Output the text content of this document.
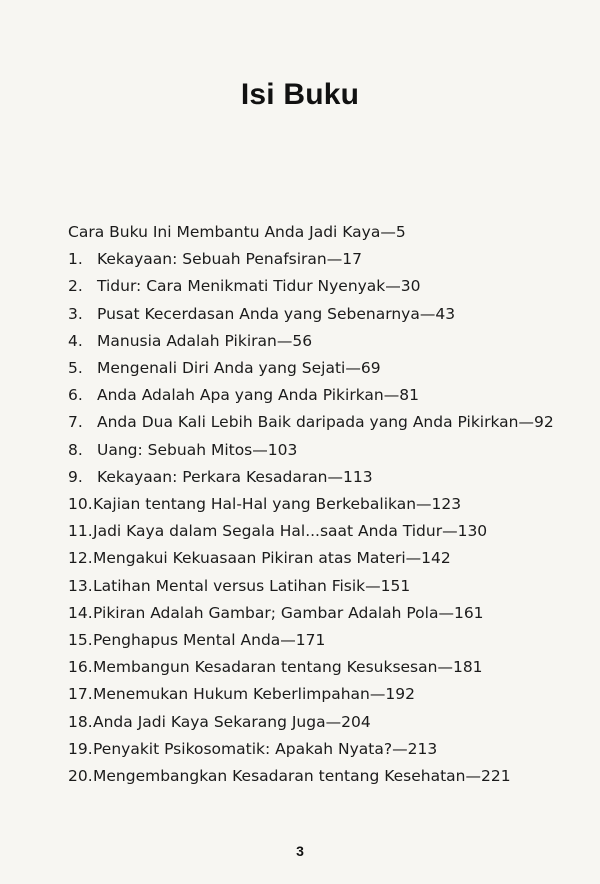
Isi Buku
Cara Buku Ini Membantu Anda Jadi Kaya—5
1. Kekayaan: Sebuah Penafsiran—17
2. Tidur: Cara Menikmati Tidur Nyenyak—30
3. Pusat Kecerdasan Anda yang Sebenarnya—43
4. Manusia Adalah Pikiran—56
5. Mengenali Diri Anda yang Sejati—69
6. Anda Adalah Apa yang Anda Pikirkan—81
7. Anda Dua Kali Lebih Baik daripada yang Anda Pikirkan—92
8. Uang: Sebuah Mitos—103
9. Kekayaan: Perkara Kesadaran—113
10. Kajian tentang Hal-Hal yang Berkebalikan—123
11. Jadi Kaya dalam Segala Hal...saat Anda Tidur—130
12. Mengakui Kekuasaan Pikiran atas Materi—142
13. Latihan Mental versus Latihan Fisik—151
14. Pikiran Adalah Gambar; Gambar Adalah Pola—161
15. Penghapus Mental Anda—171
16. Membangun Kesadaran tentang Kesuksesan—181
17. Menemukan Hukum Keberlimpahan—192
18. Anda Jadi Kaya Sekarang Juga—204
19. Penyakit Psikosomatik: Apakah Nyata?—213
20. Mengembangkan Kesadaran tentang Kesehatan—221
3
